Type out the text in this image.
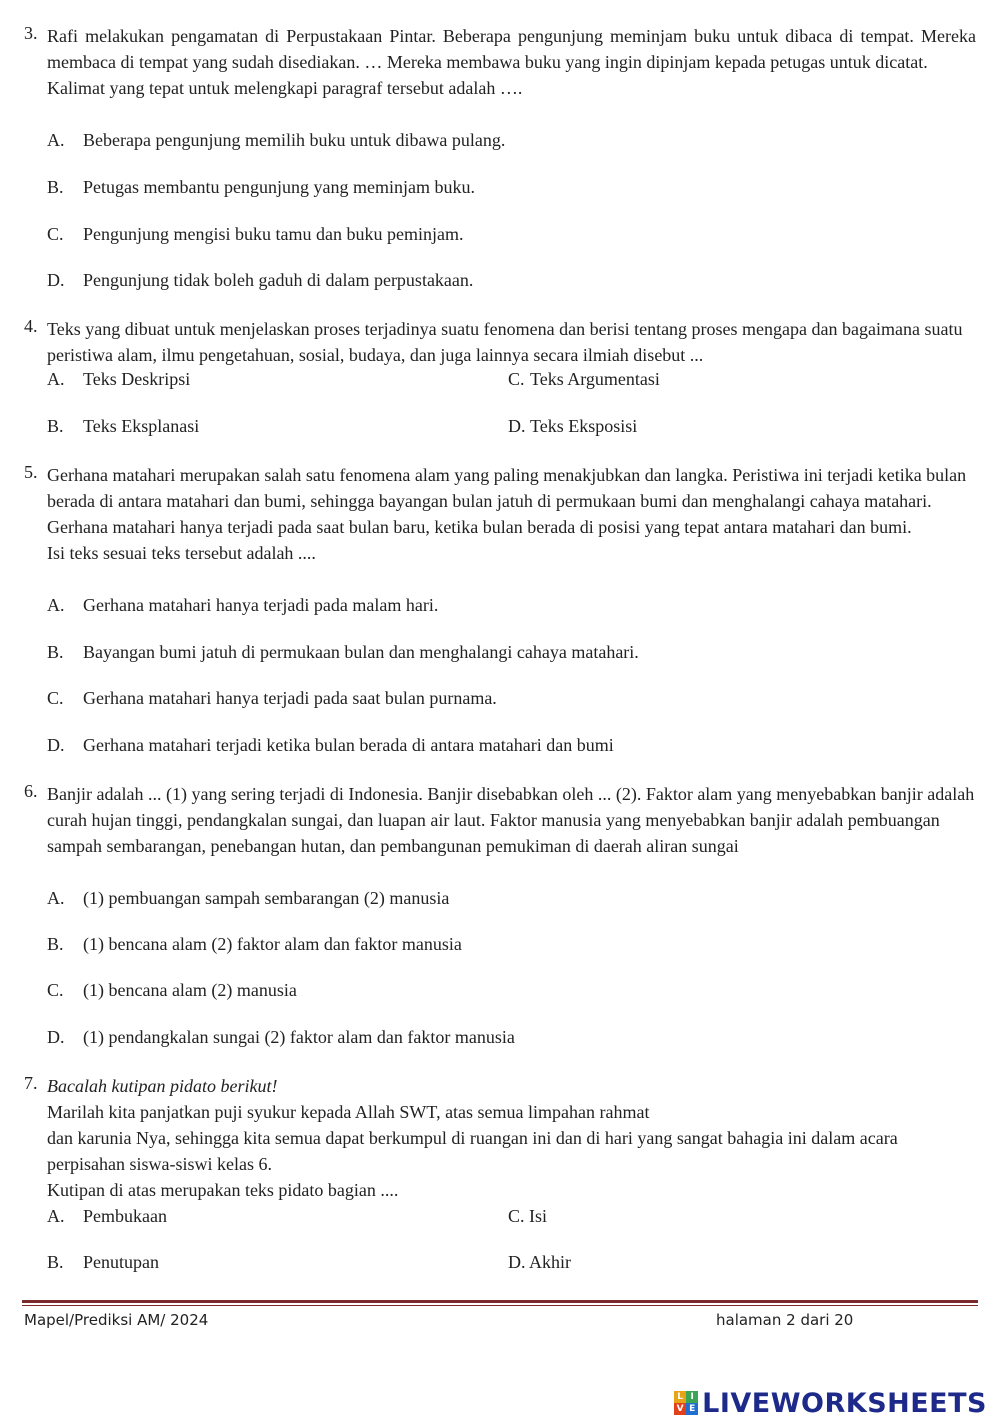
3. Rafi melakukan pengamatan di Perpustakaan Pintar. Beberapa pengunjung meminjam buku untuk dibaca di tempat. Mereka membaca di tempat yang sudah disediakan. … Mereka membawa buku yang ingin dipinjam kepada petugas untuk dicatat.
Kalimat yang tepat untuk melengkapi paragraf tersebut adalah ….
A. Beberapa pengunjung memilih buku untuk dibawa pulang.
B. Petugas membantu pengunjung yang meminjam buku.
C. Pengunjung mengisi buku tamu dan buku peminjam.
D. Pengunjung tidak boleh gaduh di dalam perpustakaan.
4. Teks yang dibuat untuk menjelaskan proses terjadinya suatu fenomena dan berisi tentang proses mengapa dan bagaimana suatu peristiwa alam, ilmu pengetahuan, sosial, budaya, dan juga lainnya secara ilmiah disebut ...
A. Teks Deskripsi	C. Teks Argumentasi
B. Teks Eksplanasi	D. Teks Eksposisi
5. Gerhana matahari merupakan salah satu fenomena alam yang paling menakjubkan dan langka. Peristiwa ini terjadi ketika bulan berada di antara matahari dan bumi, sehingga bayangan bulan jatuh di permukaan bumi dan menghalangi cahaya matahari. Gerhana matahari hanya terjadi pada saat bulan baru, ketika bulan berada di posisi yang tepat antara matahari dan bumi.
Isi teks sesuai teks tersebut adalah ....
A. Gerhana matahari hanya terjadi pada malam hari.
B. Bayangan bumi jatuh di permukaan bulan dan menghalangi cahaya matahari.
C. Gerhana matahari hanya terjadi pada saat bulan purnama.
D. Gerhana matahari terjadi ketika bulan berada di antara matahari dan bumi
6. Banjir adalah ... (1) yang sering terjadi di Indonesia. Banjir disebabkan oleh ... (2). Faktor alam yang menyebabkan banjir adalah curah hujan tinggi, pendangkalan sungai, dan luapan air laut. Faktor manusia yang menyebabkan banjir adalah pembuangan sampah sembarangan, penebangan hutan, dan pembangunan pemukiman di daerah aliran sungai
A. (1) pembuangan sampah sembarangan (2) manusia
B. (1) bencana alam (2) faktor alam dan faktor manusia
C. (1) bencana alam (2) manusia
D. (1) pendangkalan sungai (2) faktor alam dan faktor manusia
7. Bacalah kutipan pidato berikut!
Marilah kita panjatkan puji syukur kepada Allah SWT, atas semua limpahan rahmat
dan karunia Nya, sehingga kita semua dapat berkumpul di ruangan ini dan di hari yang sangat bahagia ini dalam acara perpisahan siswa-siswi kelas 6.
Kutipan di atas merupakan teks pidato bagian ....
A. Pembukaan	C. Isi
B. Penutupan	D. Akhir
Mapel/Prediksi AM/ 2024	halaman 2 dari 20
L I
V E LIVEWORKSHEETS
